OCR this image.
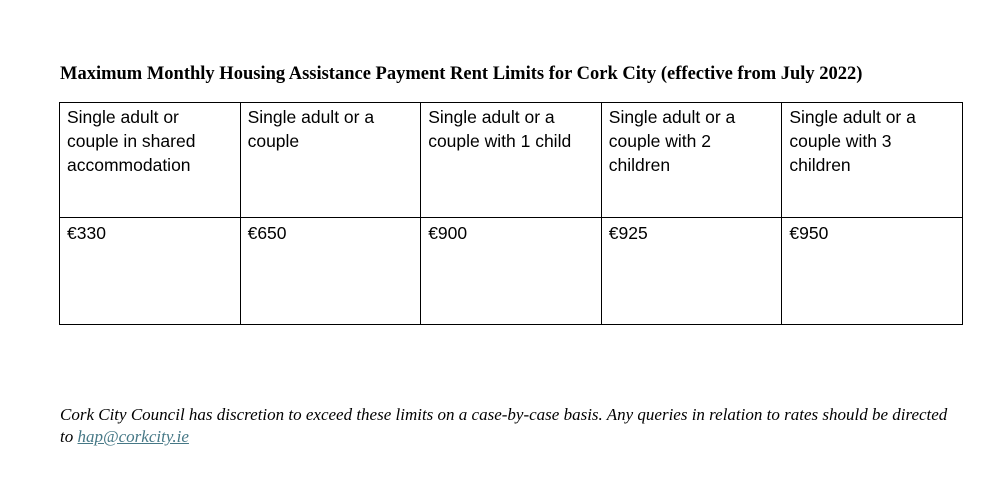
Maximum Monthly Housing Assistance Payment Rent Limits for Cork City (effective from July 2022)
Single adult or couple in shared accommodation	Single adult or a couple	Single adult or a couple with 1 child	Single adult or a couple with 2 children	Single adult or a couple with 3 children
€330	€650	€900	€925	€950

Cork City Council has discretion to exceed these limits on a case-by-case basis. Any queries in relation to rates should be directed to hap@corkcity.ie
